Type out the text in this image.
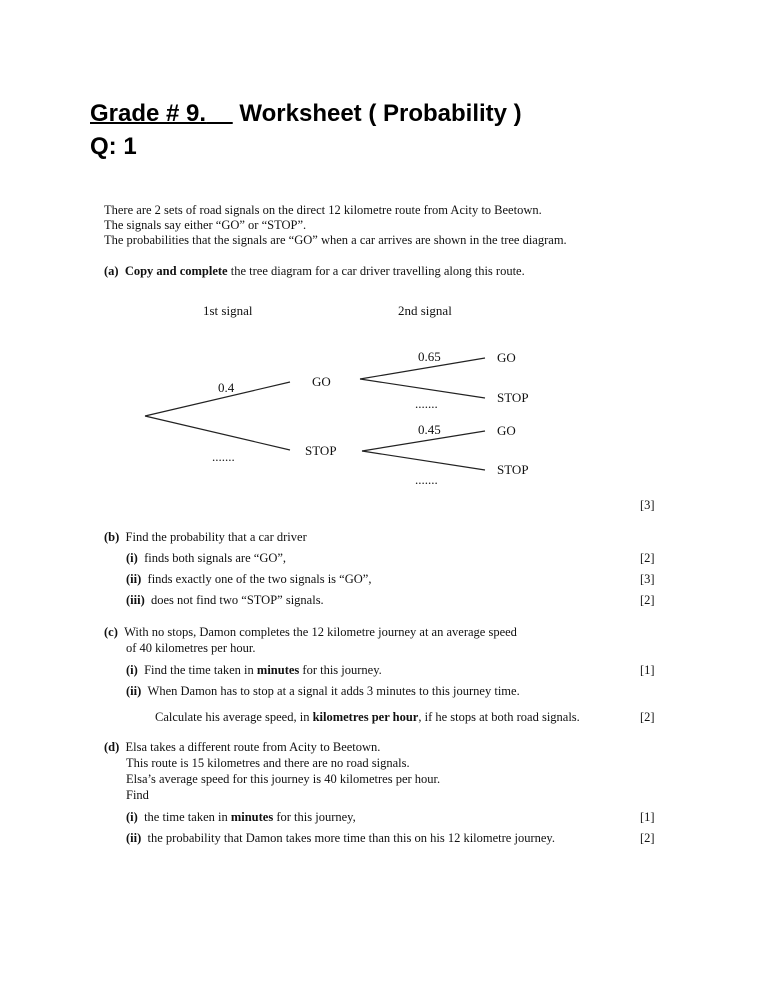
Grade # 9. Worksheet ( Probability )
Q: 1
There are 2 sets of road signals on the direct 12 kilometre route from Acity to Beetown.
The signals say either “GO” or “STOP”.
The probabilities that the signals are “GO” when a car arrives are shown in the tree diagram.
(a) Copy and complete the tree diagram for a car driver travelling along this route.
1st signal	2nd signal
0.4
.......
GO
STOP
0.65
.......
0.45
.......
GO
STOP
GO
STOP
[3]
(b) Find the probability that a car driver
(i) finds both signals are “GO”,	[2]
(ii) finds exactly one of the two signals is “GO”,	[3]
(iii) does not find two “STOP” signals.	[2]
(c) With no stops, Damon completes the 12 kilometre journey at an average speed
of 40 kilometres per hour.
(i) Find the time taken in minutes for this journey.	[1]
(ii) When Damon has to stop at a signal it adds 3 minutes to this journey time.
Calculate his average speed, in kilometres per hour, if he stops at both road signals.	[2]
(d) Elsa takes a different route from Acity to Beetown.
This route is 15 kilometres and there are no road signals.
Elsa’s average speed for this journey is 40 kilometres per hour.
Find
(i) the time taken in minutes for this journey,	[1]
(ii) the probability that Damon takes more time than this on his 12 kilometre journey.	[2]
